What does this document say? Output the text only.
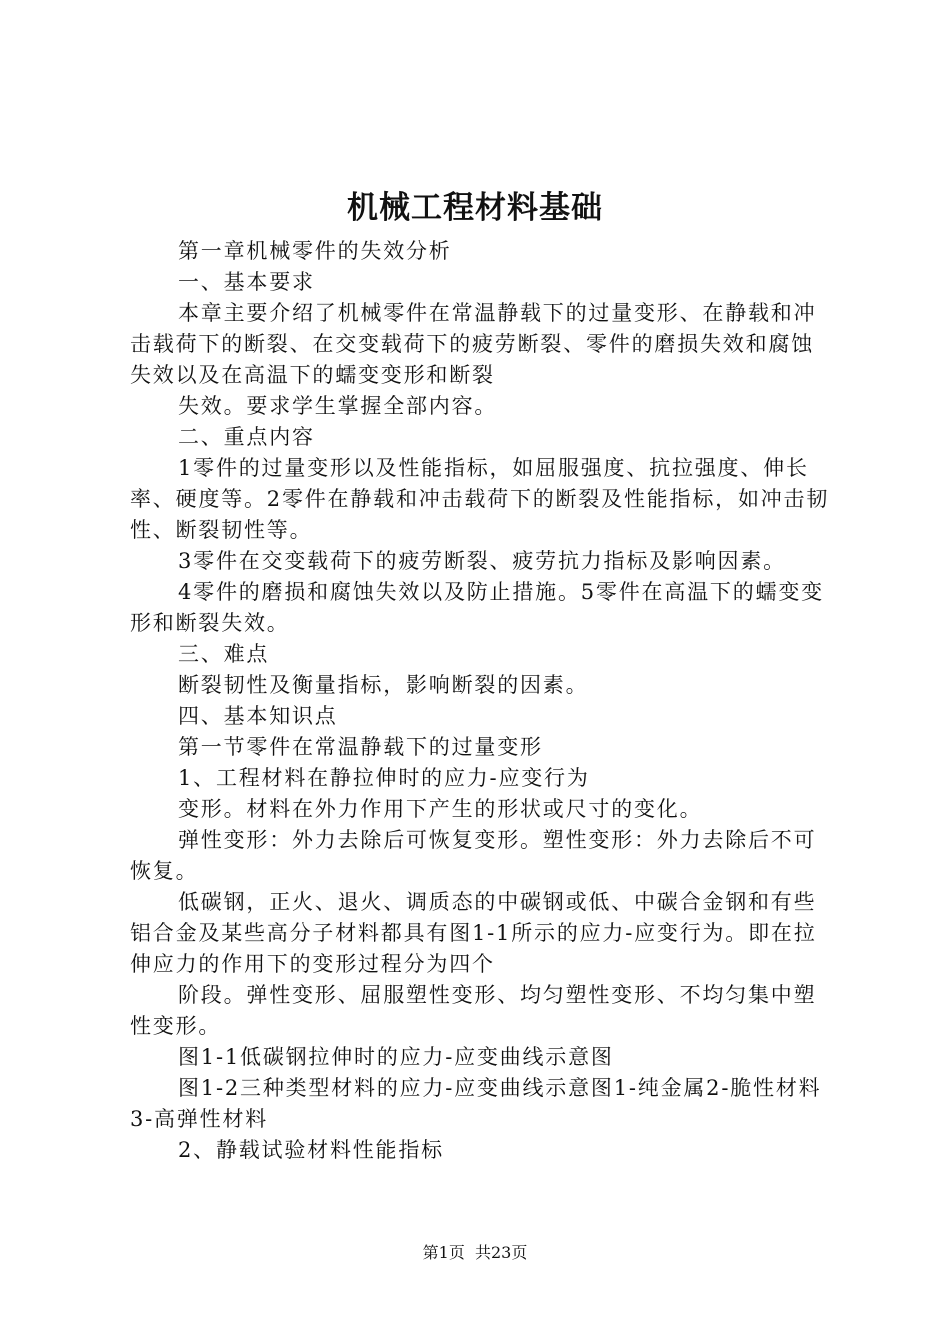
机械工程材料基础

第一章机械零件的失效分析

一、基本要求

本章主要介绍了机械零件在常温静载下的过量变形、在静载和冲击载荷下的断裂、在交变载荷下的疲劳断裂、零件的磨损失效和腐蚀失效以及在高温下的蠕变变形和断裂

失效。要求学生掌握全部内容。

二、重点内容

1零件的过量变形以及性能指标，如屈服强度、抗拉强度、伸长率、硬度等。2零件在静载和冲击载荷下的断裂及性能指标，如冲击韧性、断裂韧性等。

3零件在交变载荷下的疲劳断裂、疲劳抗力指标及影响因素。

4零件的磨损和腐蚀失效以及防止措施。5零件在高温下的蠕变变形和断裂失效。

三、难点

断裂韧性及衡量指标，影响断裂的因素。

四、基本知识点

第一节零件在常温静载下的过量变形

1、工程材料在静拉伸时的应力-应变行为

变形。材料在外力作用下产生的形状或尺寸的变化。

弹性变形：外力去除后可恢复变形。塑性变形：外力去除后不可恢复。

低碳钢，正火、退火、调质态的中碳钢或低、中碳合金钢和有些铝合金及某些高分子材料都具有图1-1所示的应力-应变行为。即在拉伸应力的作用下的变形过程分为四个

阶段。弹性变形、屈服塑性变形、均匀塑性变形、不均匀集中塑性变形。

图1-1低碳钢拉伸时的应力-应变曲线示意图

图1-2三种类型材料的应力-应变曲线示意图1-纯金属2-脆性材料3-高弹性材料

2、静载试验材料性能指标

第1页  共23页
